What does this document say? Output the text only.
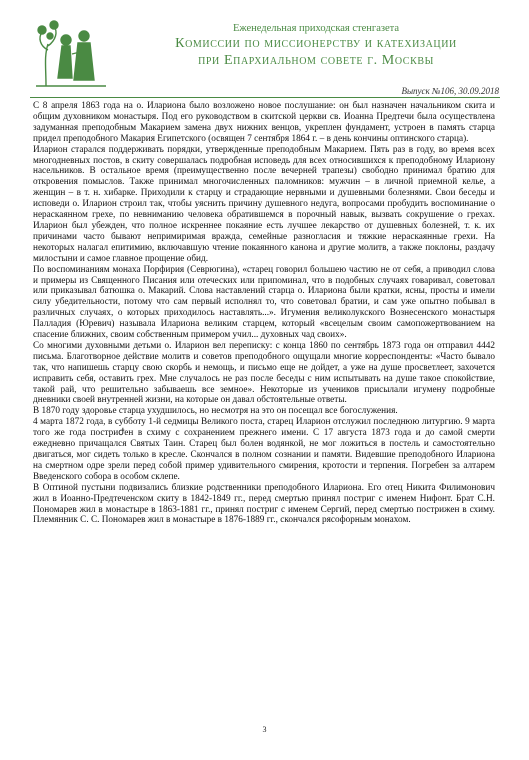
Еженедельная приходская стенгазета
Комиссии по миссионерству и катехизации
при Епархиальном совете г. Москвы
Выпуск №106, 30.09.2018

С 8 апреля 1863 года на о. Илариона было возложено новое послушание: он был назначен начальником скита и общим духовником монастыря. Под его руководством в скитской церкви св. Иоанна Предтечи была осуществлена задуманная преподобным Макарием замена двух нижних венцов, укреплен фундамент, устроен в память старца придел преподобного Макария Египетского (освящен 7 сентября 1864 г. – в день кончины оптинского старца).

Иларион старался поддерживать порядки, утвержденные преподобным Макарием. Пять раз в году, во время всех многодневных постов, в скиту совершалась подробная исповедь для всех относившихся к преподобному Илариону насельников. В остальное время (преимущественно после вечерней трапезы) свободно принимал братию для откровения помыслов. Также принимал многочисленных паломников: мужчин – в личной приемной келье, а женщин – в т. н. хибарке. Приходили к старцу и страдающие нервными и душевными болезнями. Свои беседы и исповеди о. Иларион строил так, чтобы уяснить причину душевного недуга, вопросами пробудить воспоминание о нераскаянном грехе, по невниманию человека обратившемся в порочный навык, вызвать сокрушение о грехах. Иларион был убежден, что полное искреннее покаяние есть лучшее лекарство от душевных болезней, т. к. их причинами часто бывают непримиримая вражда, семейные разногласия и тяжкие нераскаянные грехи. На некоторых налагал епитимию, включавшую чтение покаянного канона и другие молитв, а также поклоны, раздачу милостыни и самое главное прощение обид.

По воспоминаниям монаха Порфирия (Севрюгина), «старец говорил большею частию не от себя, а приводил слова и примеры из Священного Писания или отеческих или припоминал, что в подобных случаях говаривал, советовал или приказывал батюшка о. Макарий. Слова наставлений старца о. Илариона были кратки, ясны, просты и имели силу убедительности, потому что сам первый исполнял то, что советовал братии, и сам уже опытно побывал в различных случаях, о которых приходилось наставлять...». Игумения великолукского Вознесенского монастыря Палладия (Юревич) называла Илариона великим старцем, который «всецелым своим самопожертвованием на спасение ближних, своим собственным примером учил... духовных чад своих».

Со многими духовными детьми о. Иларион вел переписку: с конца 1860 по сентябрь 1873 года он отправил 4442 письма. Благотворное действие молитв и советов преподобного ощущали многие корреспонденты: «Часто бывало так, что напишешь старцу свою скорбь и немощь, и письмо еще не дойдет, а уже на душе просветлеет, захочется исправить себя, оставить грех. Мне случалось не раз после беседы с ним испытывать на душе такое спокойствие, такой рай, что решительно забываешь все земное». Некоторые из учеников присылали игумену подробные дневники своей внутренней жизни, на которые он давал обстоятельные ответы.

В 1870 году здоровье старца ухудшилось, но несмотря на это он посещал все богослужения.

4 марта 1872 года, в субботу 1-й седмицы Великого поста, старец Иларион отслужил последнюю литургию. 9 марта того же года постриժен в схиму с сохранением прежнего имени. С 17 августа 1873 года и до самой смерти ежедневно причащался Святых Таин. Старец был болен водянкой, не мог ложиться в постель и самостоятельно двигаться, мог сидеть только в кресле. Скончался в полном сознании и памяти. Видевшие преподобного Илариона на смертном одре зрели перед собой пример удивительного смирения, кротости и терпения. Погребен за алтарем Введенского собора в особом склепе.

В Оптиной пустыни подвизались близкие родственники преподобного Илариона. Его отец Никита Филимонович жил в Иоанно-Предтеченском скиту в 1842-1849 гг., перед смертью принял постриг с именем Нифонт. Брат С.Н. Пономарев жил в монастыре в 1863-1881 гг., принял постриг с именем Сергий, перед смертью пострижен в схиму. Племянник С. С. Пономарев жил в монастыре в 1876-1889 гг., скончался рясофорным монахом.

3
